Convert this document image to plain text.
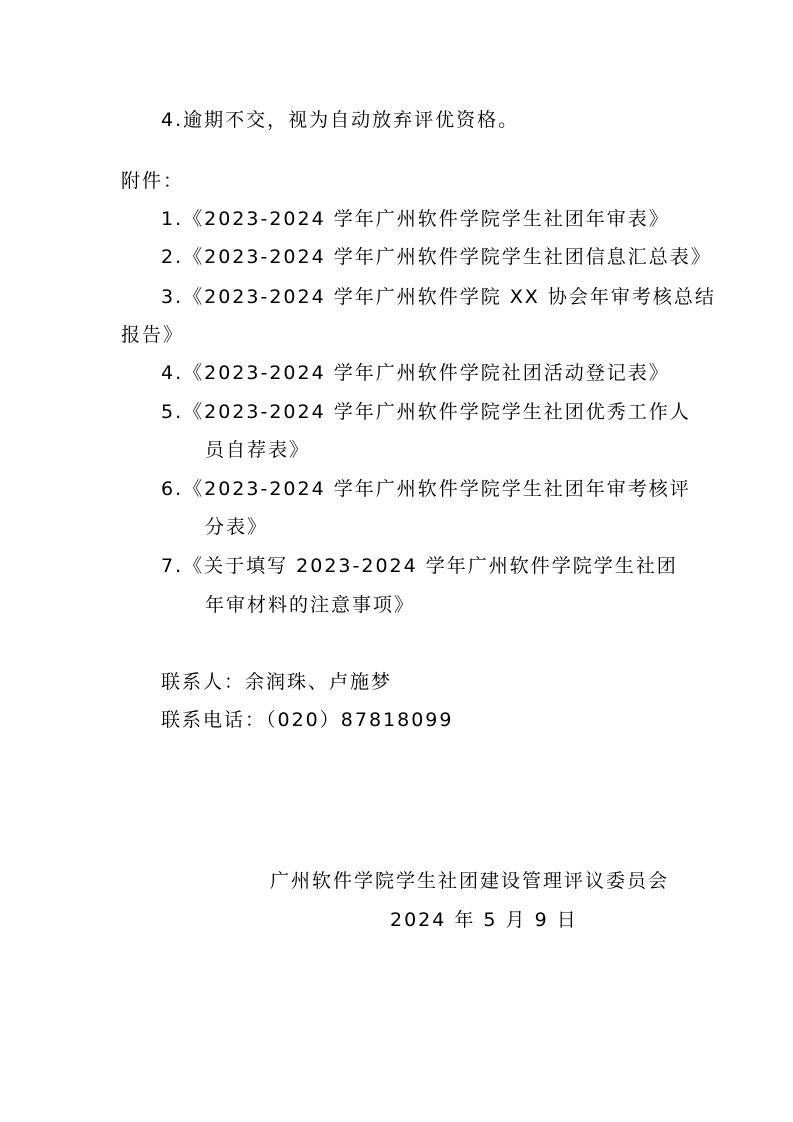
4.逾期不交，视为自动放弃评优资格。
附件：
1.《2023-2024 学年广州软件学院学生社团年审表》
2.《2023-2024 学年广州软件学院学生社团信息汇总表》
3.《2023-2024 学年广州软件学院 XX 协会年审考核总结
报告》
4.《2023-2024 学年广州软件学院社团活动登记表》
5.《2023-2024 学年广州软件学院学生社团优秀工作人
员自荐表》
6.《2023-2024 学年广州软件学院学生社团年审考核评
分表》
7.《关于填写 2023-2024 学年广州软件学院学生社团
年审材料的注意事项》
联系人：余润珠、卢施梦
联系电话：（020）87818099
广州软件学院学生社团建设管理评议委员会
2024 年 5 月 9 日
